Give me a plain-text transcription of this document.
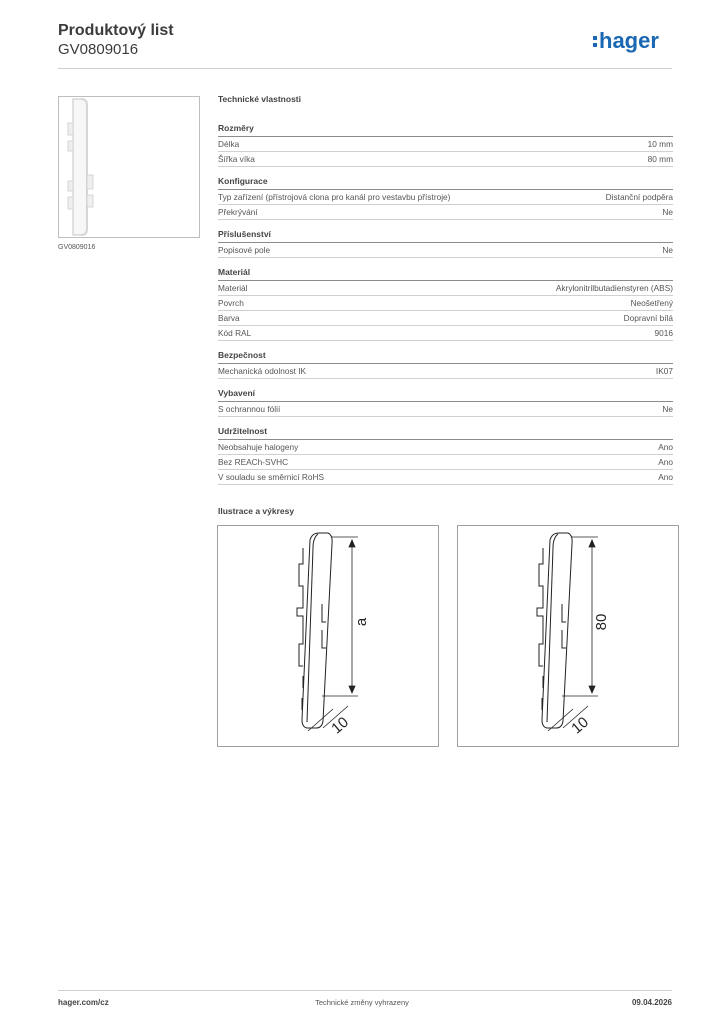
Produktový list
GV0809016	hager
GV0809016
Technické vlastnosti
Rozměry
Délka	10 mm
Šířka víka	80 mm
Konfigurace
Typ zařízení (přístrojová clona pro kanál pro vestavbu přístroje)	Distanční podpěra
Překrývání	Ne
Příslušenství
Popisové pole	Ne
Materiál
Materiál	Akrylonitrilbutadienstyren (ABS)
Povrch	Neošetřený
Barva	Dopravní bílá
Kód RAL	9016
Bezpečnost
Mechanická odolnost IK	IK07
Vybavení
S ochrannou fólií	Ne
Udržitelnost
Neobsahuje halogeny	Ano
Bez REACh-SVHC	Ano
V souladu se směrnicí RoHS	Ano
Ilustrace a výkresy
a
10
80
10
hager.com/cz	Technické změny vyhrazeny	09.04.2026
